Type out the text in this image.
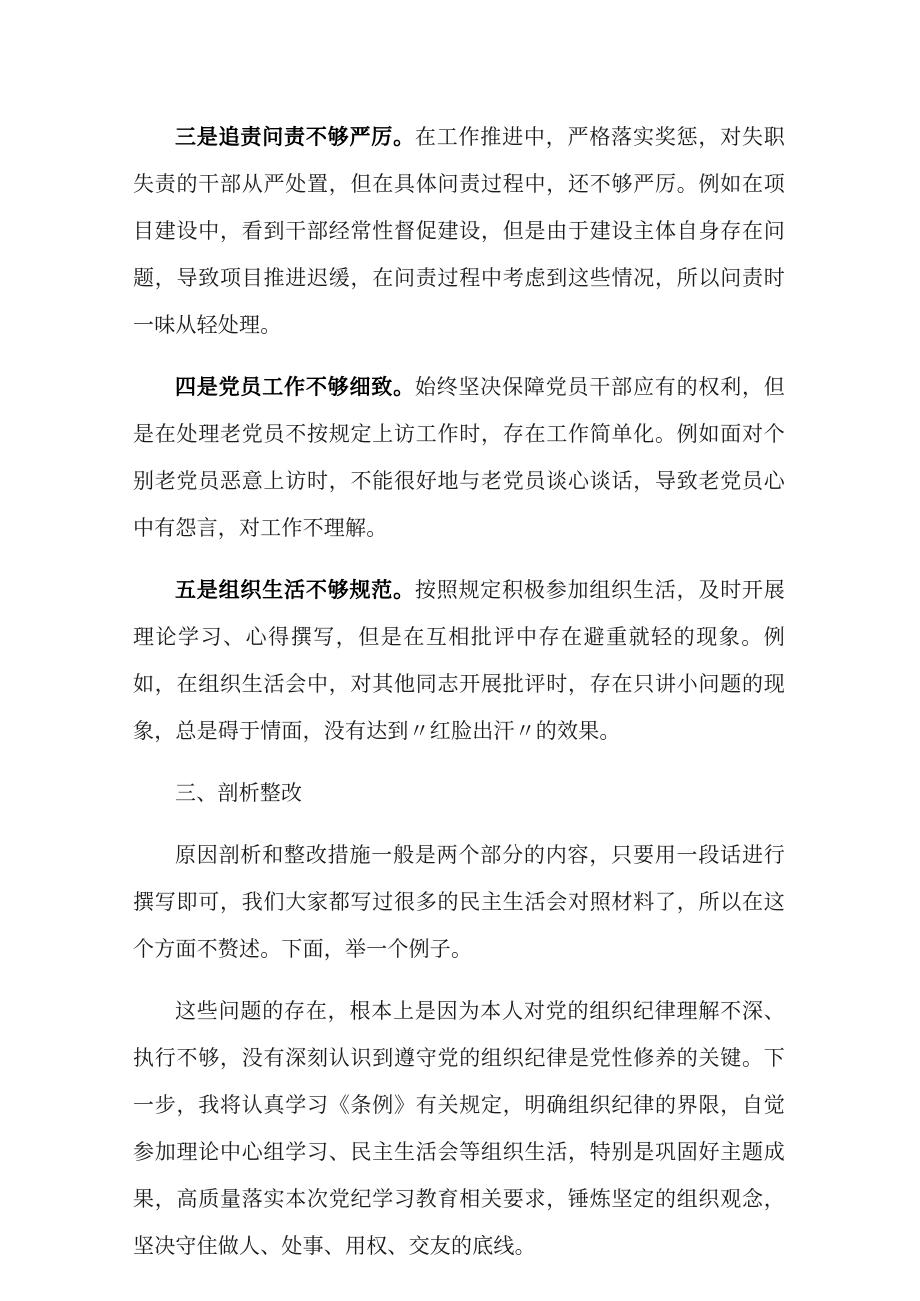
三是追责问责不够严厉。在工作推进中，严格落实奖惩，对失职失责的干部从严处置，但在具体问责过程中，还不够严厉。例如在项目建设中，看到干部经常性督促建设，但是由于建设主体自身存在问题，导致项目推进迟缓，在问责过程中考虑到这些情况，所以问责时一味从轻处理。

四是党员工作不够细致。始终坚决保障党员干部应有的权利，但是在处理老党员不按规定上访工作时，存在工作简单化。例如面对个别老党员恶意上访时，不能很好地与老党员谈心谈话，导致老党员心中有怨言，对工作不理解。

五是组织生活不够规范。按照规定积极参加组织生活，及时开展理论学习、心得撰写，但是在互相批评中存在避重就轻的现象。例如，在组织生活会中，对其他同志开展批评时，存在只讲小问题的现象，总是碍于情面，没有达到〃红脸出汗〃的效果。

三、剖析整改

原因剖析和整改措施一般是两个部分的内容，只要用一段话进行撰写即可，我们大家都写过很多的民主生活会对照材料了，所以在这个方面不赘述。下面，举一个例子。

这些问题的存在，根本上是因为本人对党的组织纪律理解不深、执行不够，没有深刻认识到遵守党的组织纪律是党性修养的关键。下一步，我将认真学习《条例》有关规定，明确组织纪律的界限，自觉参加理论中心组学习、民主生活会等组织生活，特别是巩固好主题成果，高质量落实本次党纪学习教育相关要求，锤炼坚定的组织观念，坚决守住做人、处事、用权、交友的底线。
